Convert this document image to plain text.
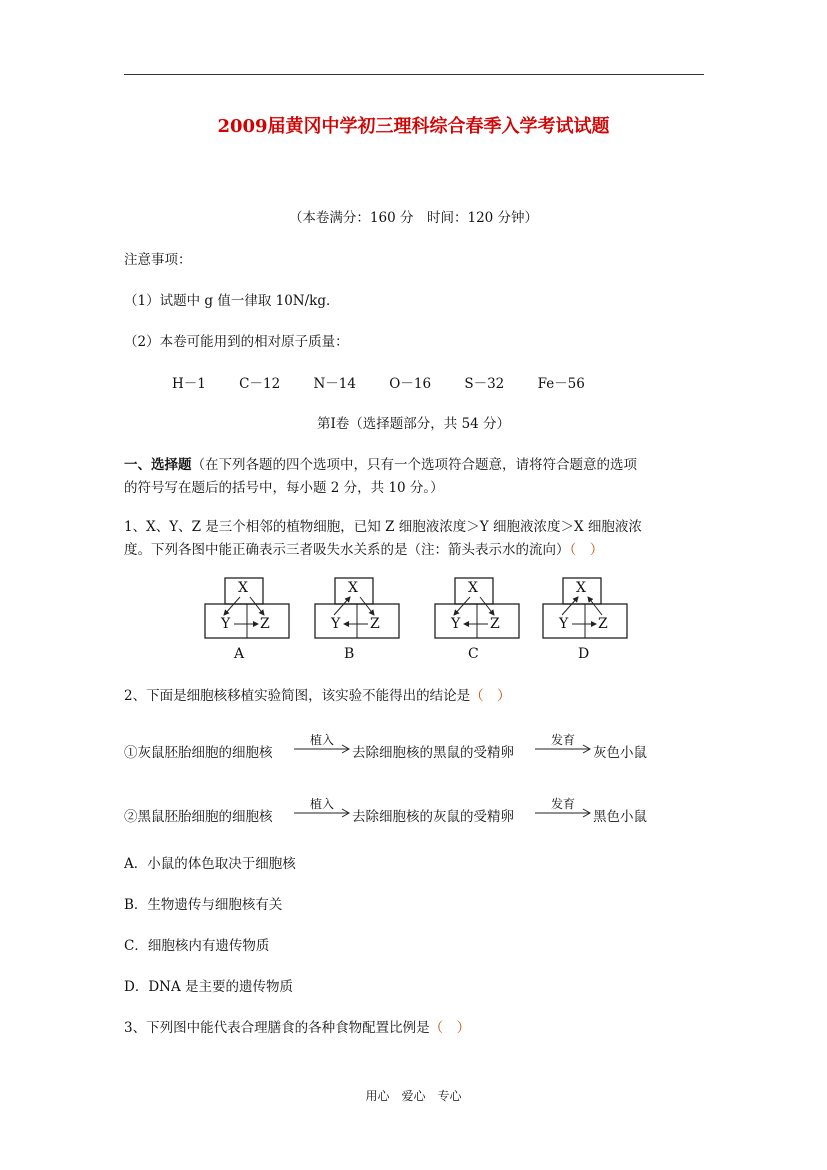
2009届黄冈中学初三理科综合春季入学考试试题
（本卷满分：160 分　时间：120 分钟）
注意事项：
（1）试题中 g 值一律取 10N/kg．
（2）本卷可能用到的相对原子质量：
H－1 C－12 N－14 O－16 S－32 Fe－56
第Ⅰ卷（选择题部分，共 54 分）
一、选择题（在下列各题的四个选项中，只有一个选项符合题意，请将符合题意的选项
的符号写在题后的括号中，每小题 2 分，共 10 分。）
1、X、Y、Z 是三个相邻的植物细胞，已知 Z 细胞液浓度＞Y 细胞液浓度＞X 细胞液浓
度。下列各图中能正确表示三者吸失水关系的是（注：箭头表示水的流向）（　）
X
Y Z
X
Y Z
X
Y Z
X
Y Z
A	B	C	D
2、下面是细胞核移植实验简图，该实验不能得出的结论是（　）
①灰鼠胚胎细胞的细胞核
植入
去除细胞核的黑鼠的受精卵
发育
灰色小鼠
②黑鼠胚胎细胞的细胞核
植入
去除细胞核的灰鼠的受精卵
发育
黑色小鼠
A．小鼠的体色取决于细胞核
B．生物遗传与细胞核有关
C．细胞核内有遗传物质
D．DNA 是主要的遗传物质
3、下列图中能代表合理膳食的各种食物配置比例是（　）
用心　爱心　专心
